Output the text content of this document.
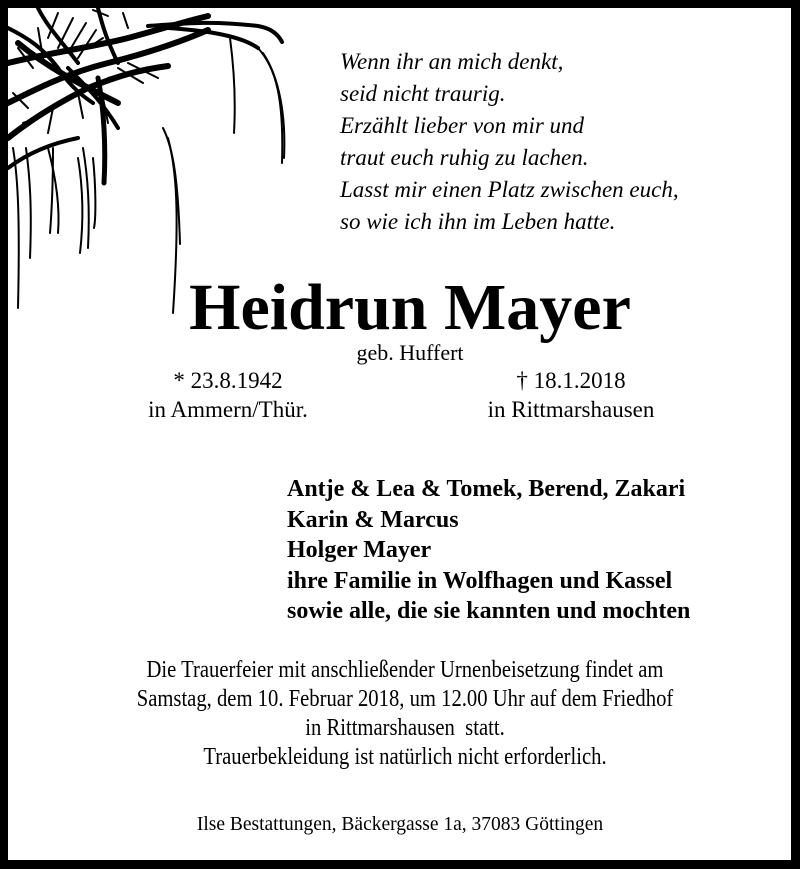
Wenn ihr an mich denkt,
seid nicht traurig.
Erzählt lieber von mir und
traut euch ruhig zu lachen.
Lasst mir einen Platz zwischen euch,
so wie ich ihn im Leben hatte.
Heidrun Mayer
geb. Huffert
* 23.8.1942
in Ammern/Thür.
† 18.1.2018
in Rittmarshausen
Antje & Lea & Tomek, Berend, Zakari
Karin & Marcus
Holger Mayer
ihre Familie in Wolfhagen und Kassel
sowie alle, die sie kannten und mochten
Die Trauerfeier mit anschließender Urnenbeisetzung findet am
Samstag, dem 10. Februar 2018, um 12.00 Uhr auf dem Friedhof
in Rittmarshausen  statt.
Trauerbekleidung ist natürlich nicht erforderlich.
Ilse Bestattungen, Bäckergasse 1a, 37083 Göttingen
